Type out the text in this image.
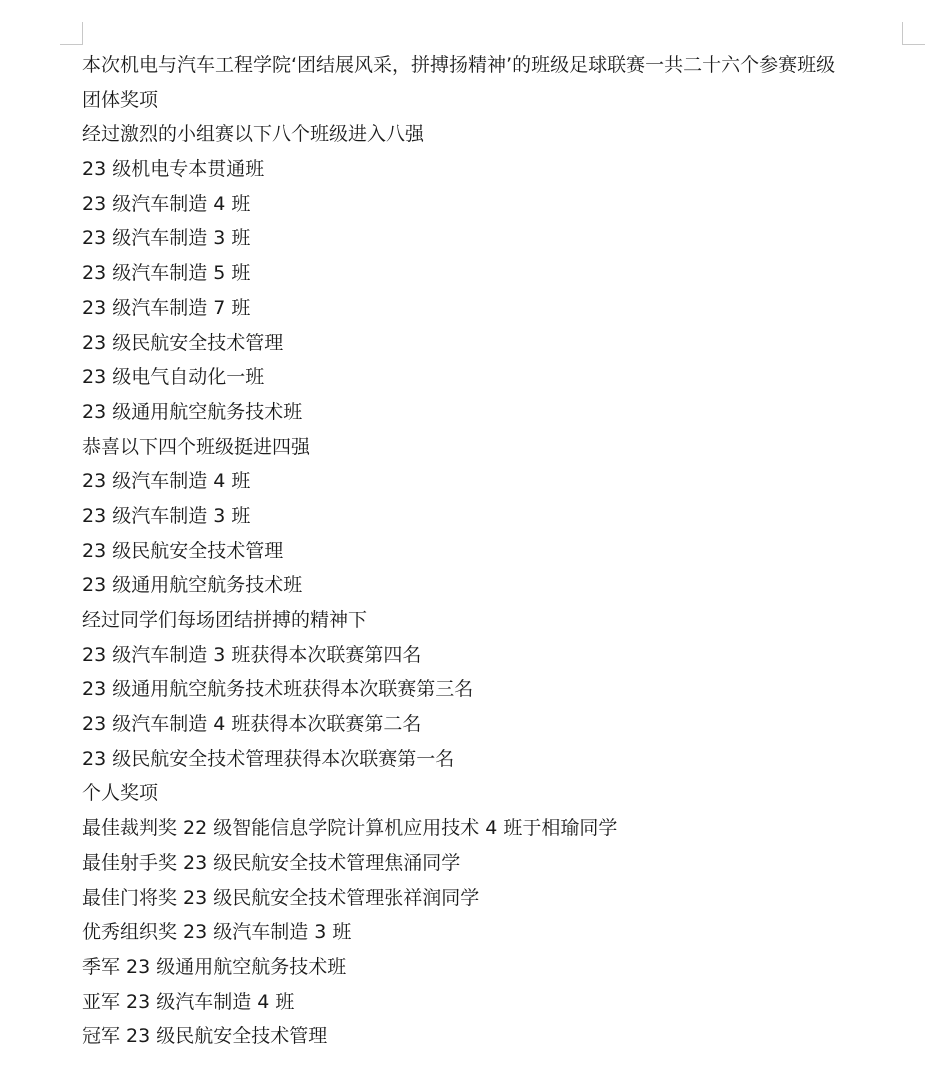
本次机电与汽车工程学院‘团结展风采，拼搏扬精神’的班级足球联赛一共二十六个参赛班级
团体奖项
经过激烈的小组赛以下八个班级进入八强
23 级机电专本贯通班
23 级汽车制造 4 班
23 级汽车制造 3 班
23 级汽车制造 5 班
23 级汽车制造 7 班
23 级民航安全技术管理
23 级电气自动化一班
23 级通用航空航务技术班
恭喜以下四个班级挺进四强
23 级汽车制造 4 班
23 级汽车制造 3 班
23 级民航安全技术管理
23 级通用航空航务技术班
经过同学们每场团结拼搏的精神下
23 级汽车制造 3 班获得本次联赛第四名
23 级通用航空航务技术班获得本次联赛第三名
23 级汽车制造 4 班获得本次联赛第二名
23 级民航安全技术管理获得本次联赛第一名
个人奖项
最佳裁判奖 22 级智能信息学院计算机应用技术 4 班于相瑜同学
最佳射手奖 23 级民航安全技术管理焦涌同学
最佳门将奖 23 级民航安全技术管理张祥润同学
优秀组织奖 23 级汽车制造 3 班
季军 23 级通用航空航务技术班
亚军 23 级汽车制造 4 班
冠军 23 级民航安全技术管理
